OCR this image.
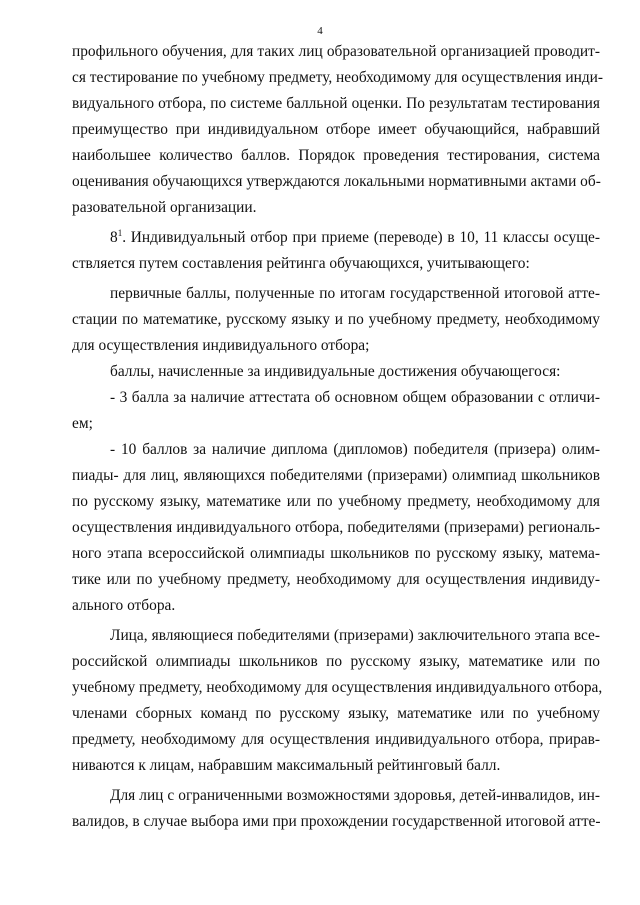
4
профильного обучения, для таких лиц образовательной организацией проводит-
ся тестирование по учебному предмету, необходимому для осуществления инди-
видуального отбора, по системе балльной оценки. По результатам тестирования
преимущество при индивидуальном отборе имеет обучающийся, набравший
наибольшее количество баллов. Порядок проведения тестирования, система
оценивания обучающихся утверждаются локальными нормативными актами об-
разовательной организации.
$8^1$. Индивидуальный отбор при приеме (переводе) в 10, 11 классы осуще-
ствляется путем составления рейтинга обучающихся, учитывающего:
первичные баллы, полученные по итогам государственной итоговой атте-
стации по математике, русскому языку и по учебному предмету, необходимому
для осуществления индивидуального отбора;
баллы, начисленные за индивидуальные достижения обучающегося:
- 3 балла за наличие аттестата об основном общем образовании с отличи-
ем;
- 10 баллов за наличие диплома (дипломов) победителя (призера) олим-
пиады- для лиц, являющихся победителями (призерами) олимпиад школьников
по русскому языку, математике или по учебному предмету, необходимому для
осуществления индивидуального отбора, победителями (призерами) региональ-
ного этапа всероссийской олимпиады школьников по русскому языку, матема-
тике или по учебному предмету, необходимому для осуществления индивиду-
ального отбора.
Лица, являющиеся победителями (призерами) заключительного этапа все-
российской олимпиады школьников по русскому языку, математике или по
учебному предмету, необходимому для осуществления индивидуального отбора,
членами сборных команд по русскому языку, математике или по учебному
предмету, необходимому для осуществления индивидуального отбора, прирав-
ниваются к лицам, набравшим максимальный рейтинговый балл.
Для лиц с ограниченными возможностями здоровья, детей-инвалидов, ин-
валидов, в случае выбора ими при прохождении государственной итоговой атте-
